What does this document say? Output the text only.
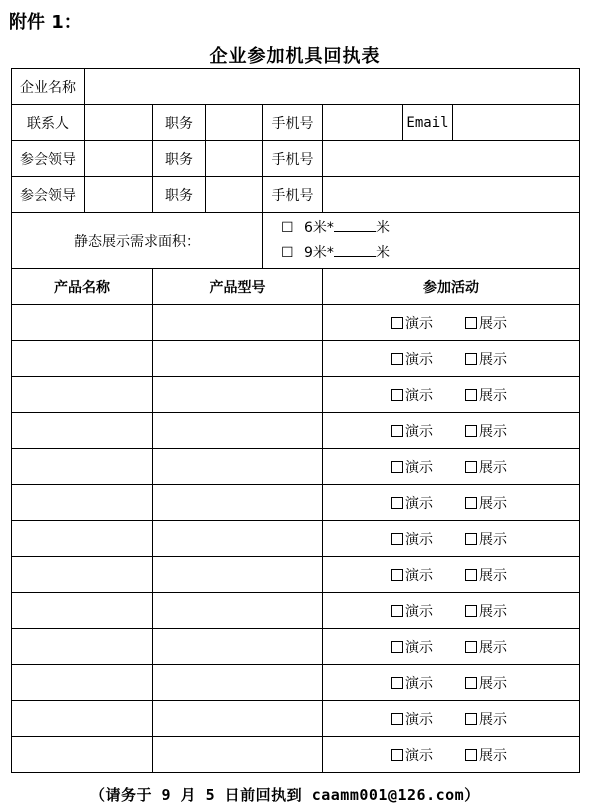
附件 1：
企业参加机具回执表
企业名称							
联系人		职务		手机号		Email	
参会领导		职务		手机号			
参会领导		职务		手机号			
静态展示需求面积：				☐ 6米* 米
☐ 9米* 米			

产品名称		产品型号			参加活动		
					演示 展示		
					演示 展示		
					演示 展示		
					演示 展示		
					演示 展示		
					演示 展示		
					演示 展示		
					演示 展示		
					演示 展示		
					演示 展示		
					演示 展示		
					演示 展示		
					演示 展示		
（请务于 9 月 5 日前回执到 caamm001@126.com）
